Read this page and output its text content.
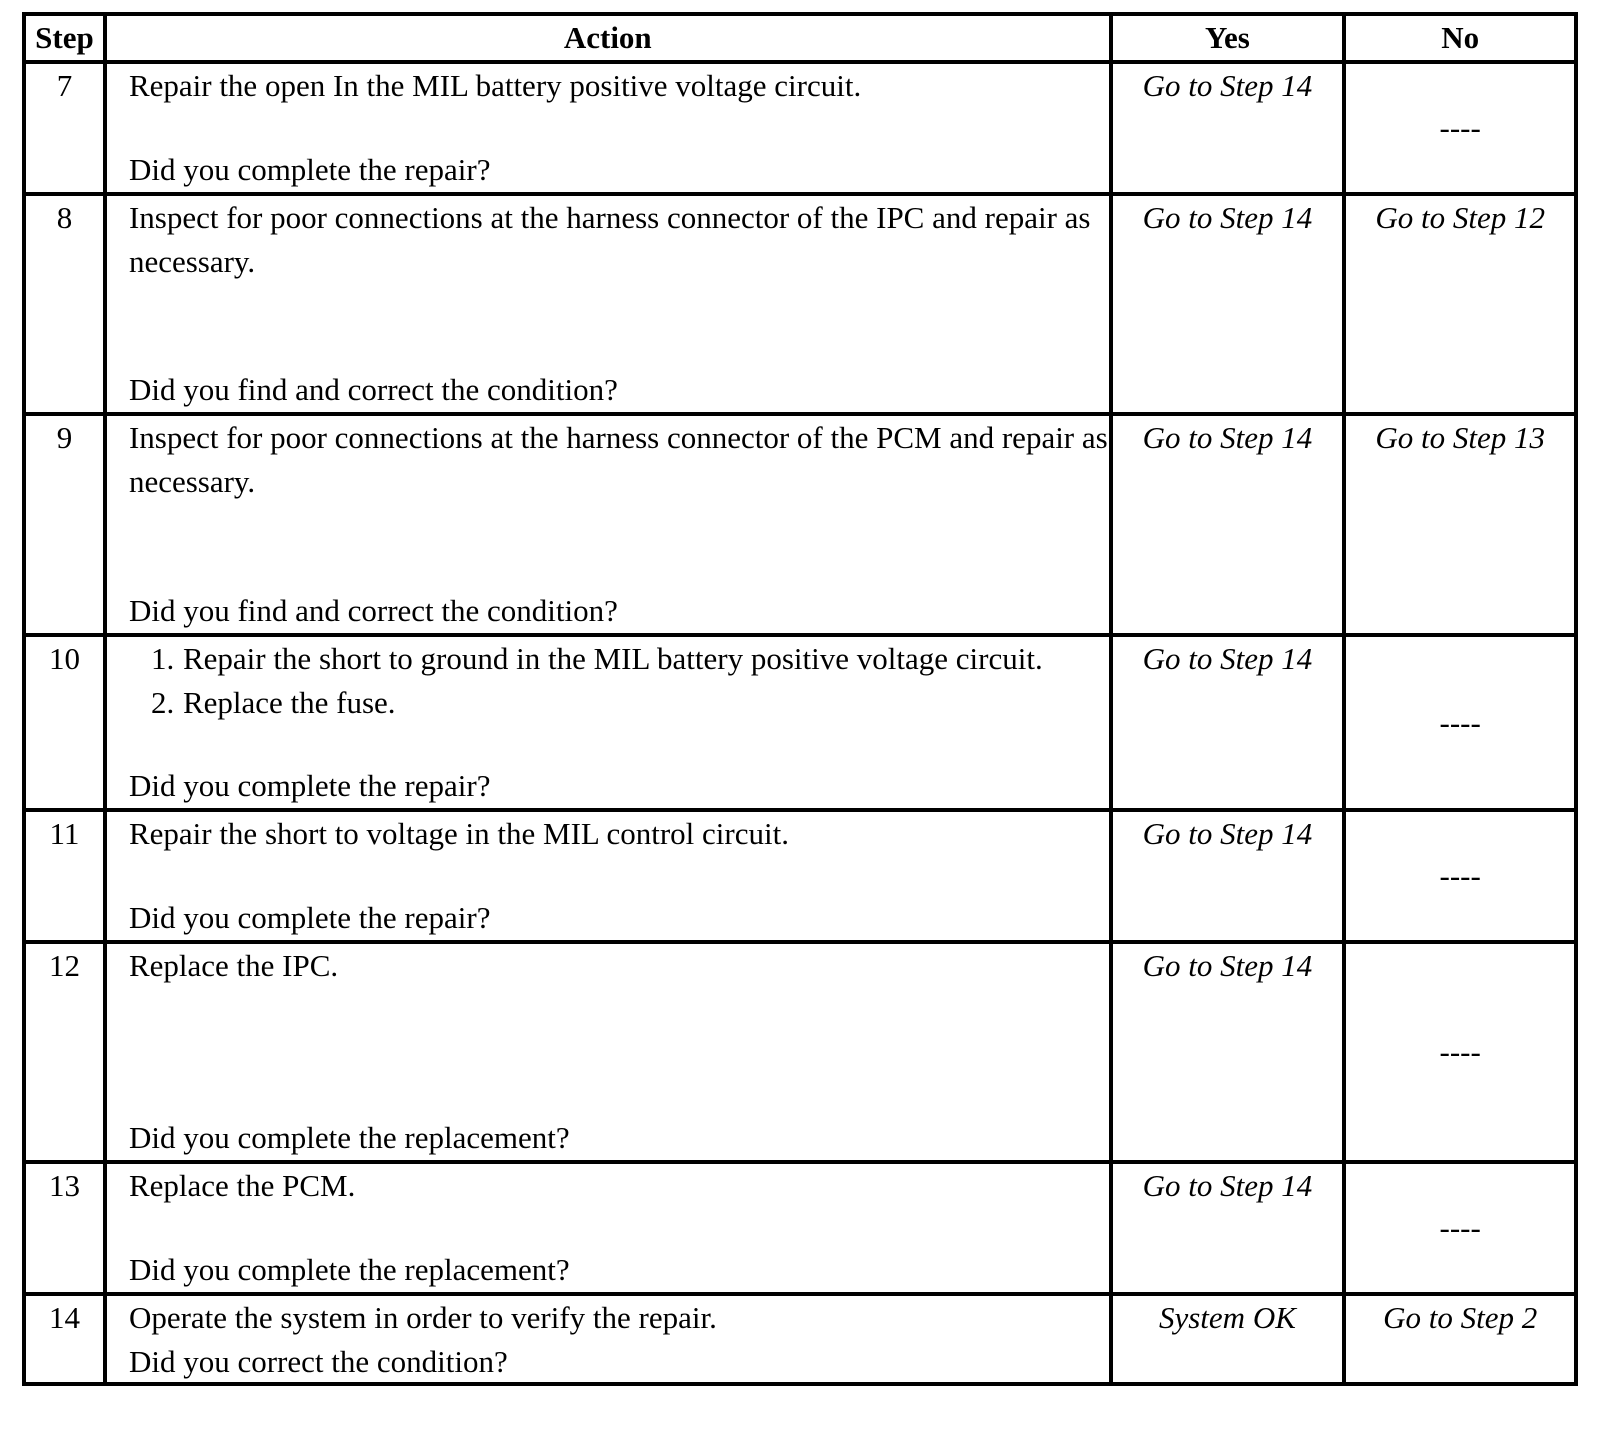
Step	Action	Yes	No
7	Repair the open In the MIL battery positive voltage circuit.
Did you complete the repair?	Go to Step 14	----
8	Inspect for poor connections at the harness connector of the IPC and repair as necessary.
Did you find and correct the condition?	Go to Step 14	Go to Step 12
9	Inspect for poor connections at the harness connector of the PCM and repair as necessary.
Did you find and correct the condition?	Go to Step 14	Go to Step 13
10	1. Repair the short to ground in the MIL battery positive voltage circuit.
2. Replace the fuse.
Did you complete the repair?	Go to Step 14	----
11	Repair the short to voltage in the MIL control circuit.
Did you complete the repair?	Go to Step 14	----
12	Replace the IPC.
Did you complete the replacement?	Go to Step 14	----
13	Replace the PCM.
Did you complete the replacement?	Go to Step 14	----
14	Operate the system in order to verify the repair.
Did you correct the condition?	System OK	Go to Step 2
